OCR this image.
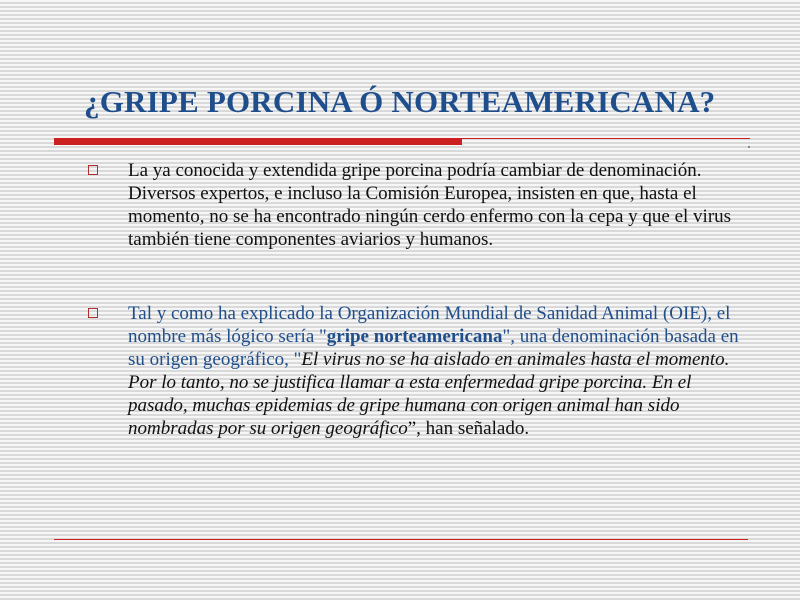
¿GRIPE PORCINA Ó NORTEAMERICANA?
La ya conocida y extendida gripe porcina podría cambiar de denominación. Diversos expertos, e incluso la Comisión Europea, insisten en que, hasta el momento, no se ha encontrado ningún cerdo enfermo con la cepa y que el virus también tiene componentes aviarios y humanos.
Tal y como ha explicado la Organización Mundial de Sanidad Animal (OIE), el nombre más lógico sería "gripe norteamericana", una denominación basada en su origen geográfico, "El virus no se ha aislado en animales hasta el momento. Por lo tanto, no se justifica llamar a esta enfermedad gripe porcina. En el pasado, muchas epidemias de gripe humana con origen animal han sido nombradas por su origen geográfico”, han señalado.
